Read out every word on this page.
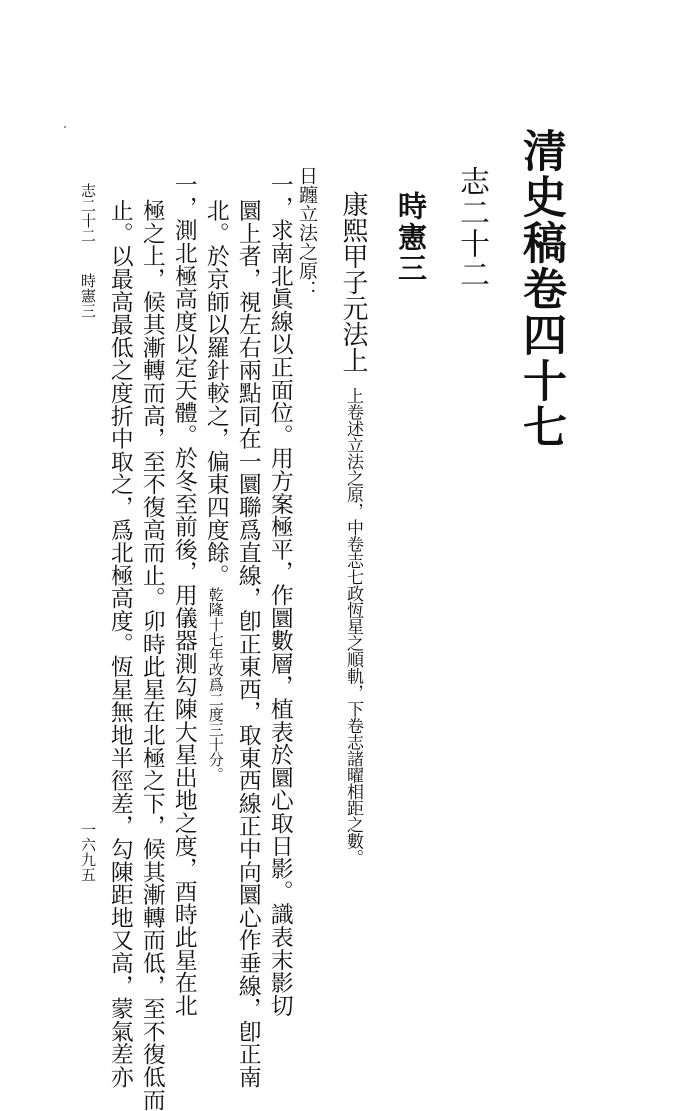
清史稿卷四十七
志二十二
時憲三
康熙甲子元法上上卷述立法之原，中卷志七政恆星之順軌，下卷志諸曜相距之數。
日躔立法之原：
一，求南北眞線以正面位。用方案極平，作圜數層，植表於圜心取日影。識表末影切
圜上者，視左右兩點同在一圜聯爲直線，卽正東西，取東西線正中向圜心作垂線，卽正南
北。於京師以羅針較之，偏東四度餘。乾隆十七年改爲二度三十分。
一，測北極高度以定天體。於冬至前後，用儀器測勾陳大星出地之度，酉時此星在北
極之上，候其漸轉而高，至不復高而止。卯時此星在北極之下，候其漸轉而低，至不復低而
止。以最高最低之度折中取之，爲北極高度。恆星無地半徑差，勾陳距地又高，蒙氣差亦
志二十二時憲三
一六九五
